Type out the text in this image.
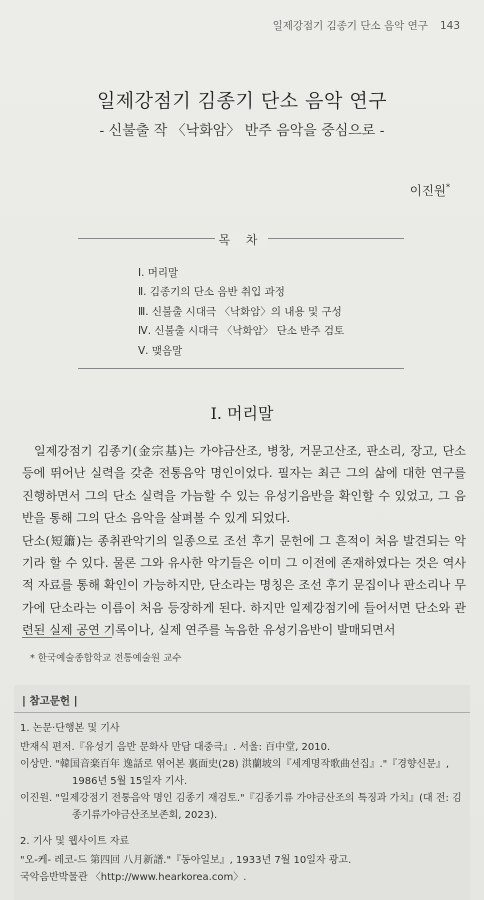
일제강점기 김종기 단소 음악 연구 143
일제강점기 김종기 단소 음악 연구
- 신불출 작 〈낙화암〉 반주 음악을 중심으로 -
이진원*
목 차
Ⅰ. 머리말
Ⅱ. 김종기의 단소 음반 취입 과정
Ⅲ. 신불출 시대극 〈낙화암〉의 내용 및 구성
Ⅳ. 신불출 시대극 〈낙화암〉 단소 반주 검토
Ⅴ. 맺음말
Ⅰ. 머리말

일제강점기 김종기(金宗基)는 가야금산조, 병창, 거문고산조, 판소리, 장고, 단소 등에 뛰어난 실력을 갖춘 전통음악 명인이었다. 필자는 최근 그의 삶에 대한 연구를 진행하면서 그의 단소 실력을 가늠할 수 있는 유성기음반을 확인할 수 있었고, 그 음반을 통해 그의 단소 음악을 살펴볼 수 있게 되었다.

단소(短簫)는 종취관악기의 일종으로 조선 후기 문헌에 그 흔적이 처음 발견되는 악기라 할 수 있다. 물론 그와 유사한 악기들은 이미 그 이전에 존재하였다는 것은 역사적 자료를 통해 확인이 가능하지만, 단소라는 명칭은 조선 후기 문집이나 판소리나 무가에 단소라는 이름이 처음 등장하게 된다. 하지만 일제강점기에 들어서면 단소와 관련된 실제 공연 기록이나, 실제 연주를 녹음한 유성기음반이 발매되면서

* 한국예술종합학교 전통예술원 교수
| 참고문헌 |
1. 논문·단행본 및 기사
반재식 편저.『유성기 음반 문화사 만담 대중극』. 서울: 百中堂, 2010.
이상만. "韓国音楽百年 逸話로 엮어본 裏面史(28) 洪蘭坡의『세계명작歌曲선집』."『경향신문』,
1986년 5월 15일자 기사.
이진원. "일제강점기 전통음악 명인 김종기 재검토."『김종기류 가야금산조의 특징과 가치』(대 전: 김
종기류가야금산조보존회, 2023).
2. 기사 및 웹사이트 자료
"오-케- 레코-드 第四回 八月新譜."『동아일보』, 1933년 7월 10일자 광고.
국악음반박물관 〈http://www.hearkorea.com〉.
